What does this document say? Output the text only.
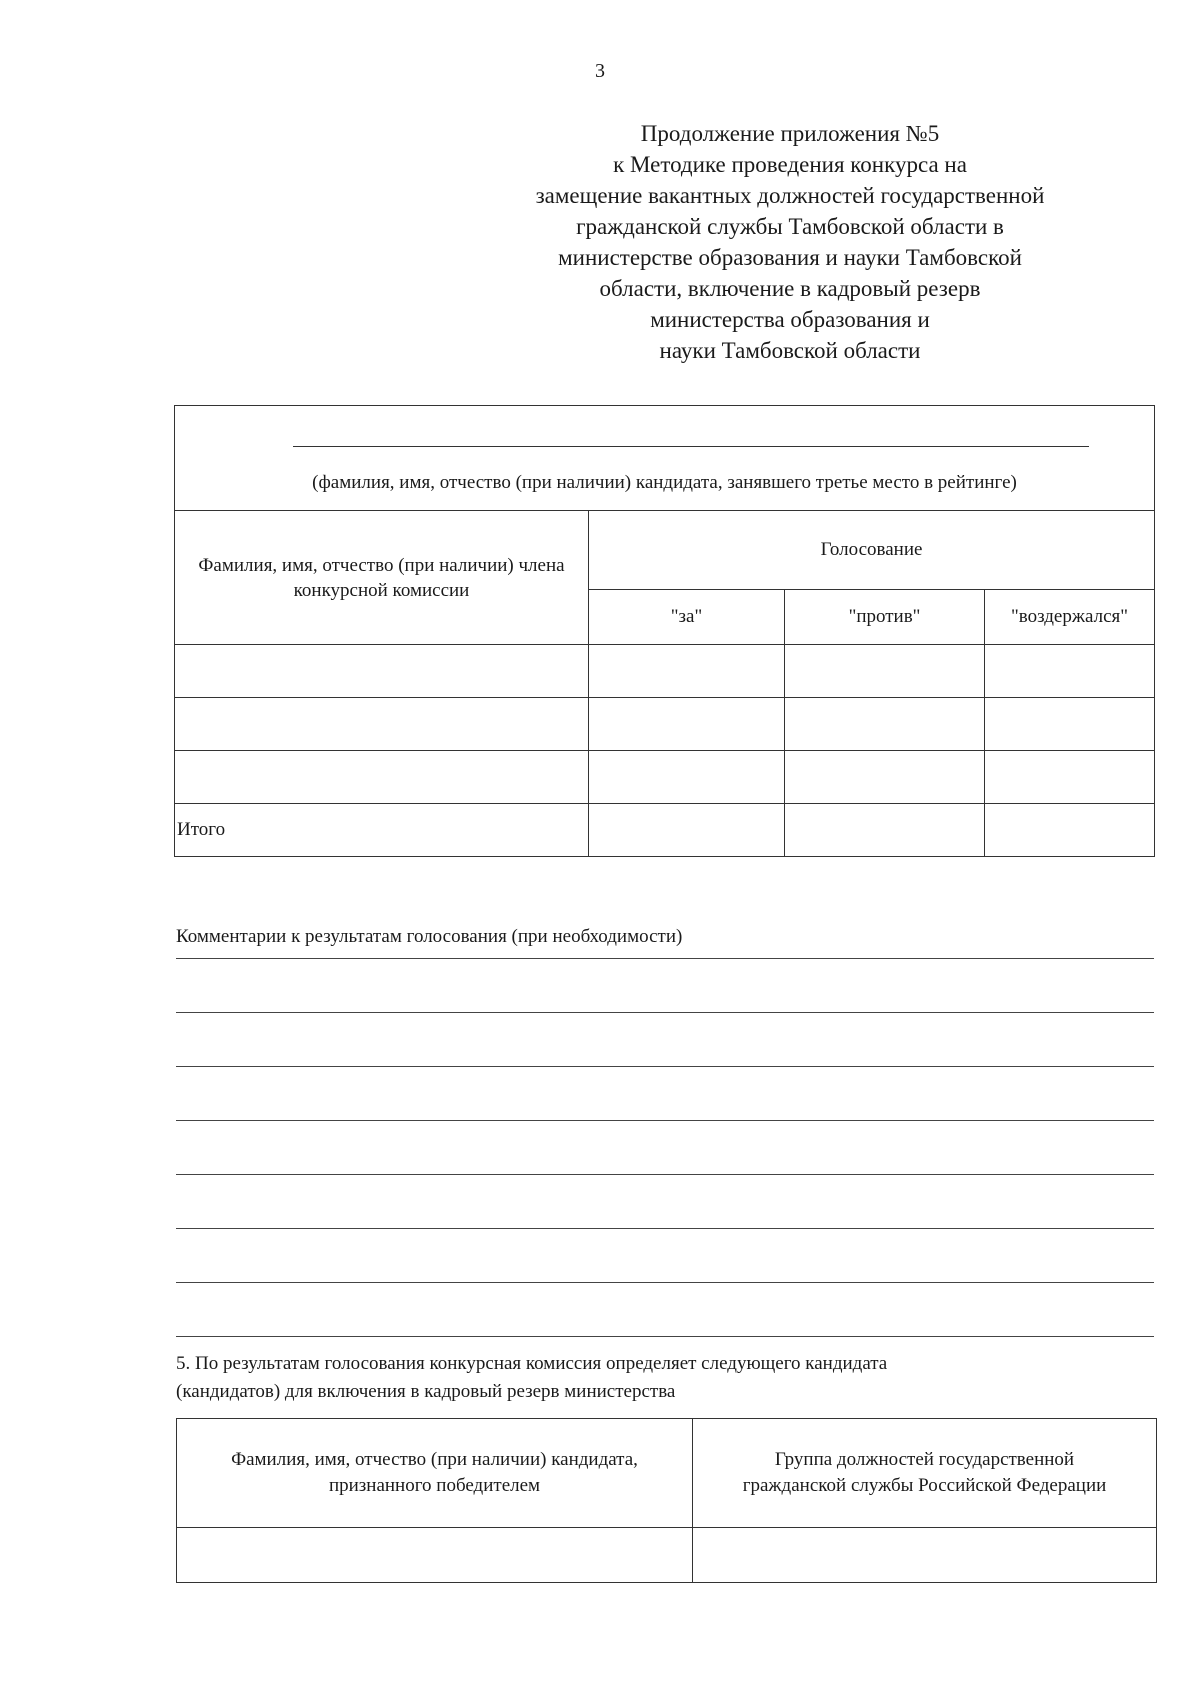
3
Продолжение приложения №5
к Методике проведения конкурса на
замещение вакантных должностей государственной
гражданской службы Тамбовской области в
министерстве образования и науки Тамбовской
области, включение в кадровый резерв
министерства образования и
науки Тамбовской области
(фамилия, имя, отчество (при наличии) кандидата, занявшего третье место в рейтинге)			

Фамилия, имя, отчество (при наличии) члена конкурсной комиссии	Голосование		
	"за"	"против"	"воздержался"

Итого			
Комментарии к результатам голосования (при необходимости)
5. По результатам голосования конкурсная комиссия определяет следующего кандидата
(кандидатов) для включения в кадровый резерв министерства
Фамилия, имя, отчество (при наличии) кандидата, признанного победителем	Группа должностей государственной гражданской службы Российской Федерации
